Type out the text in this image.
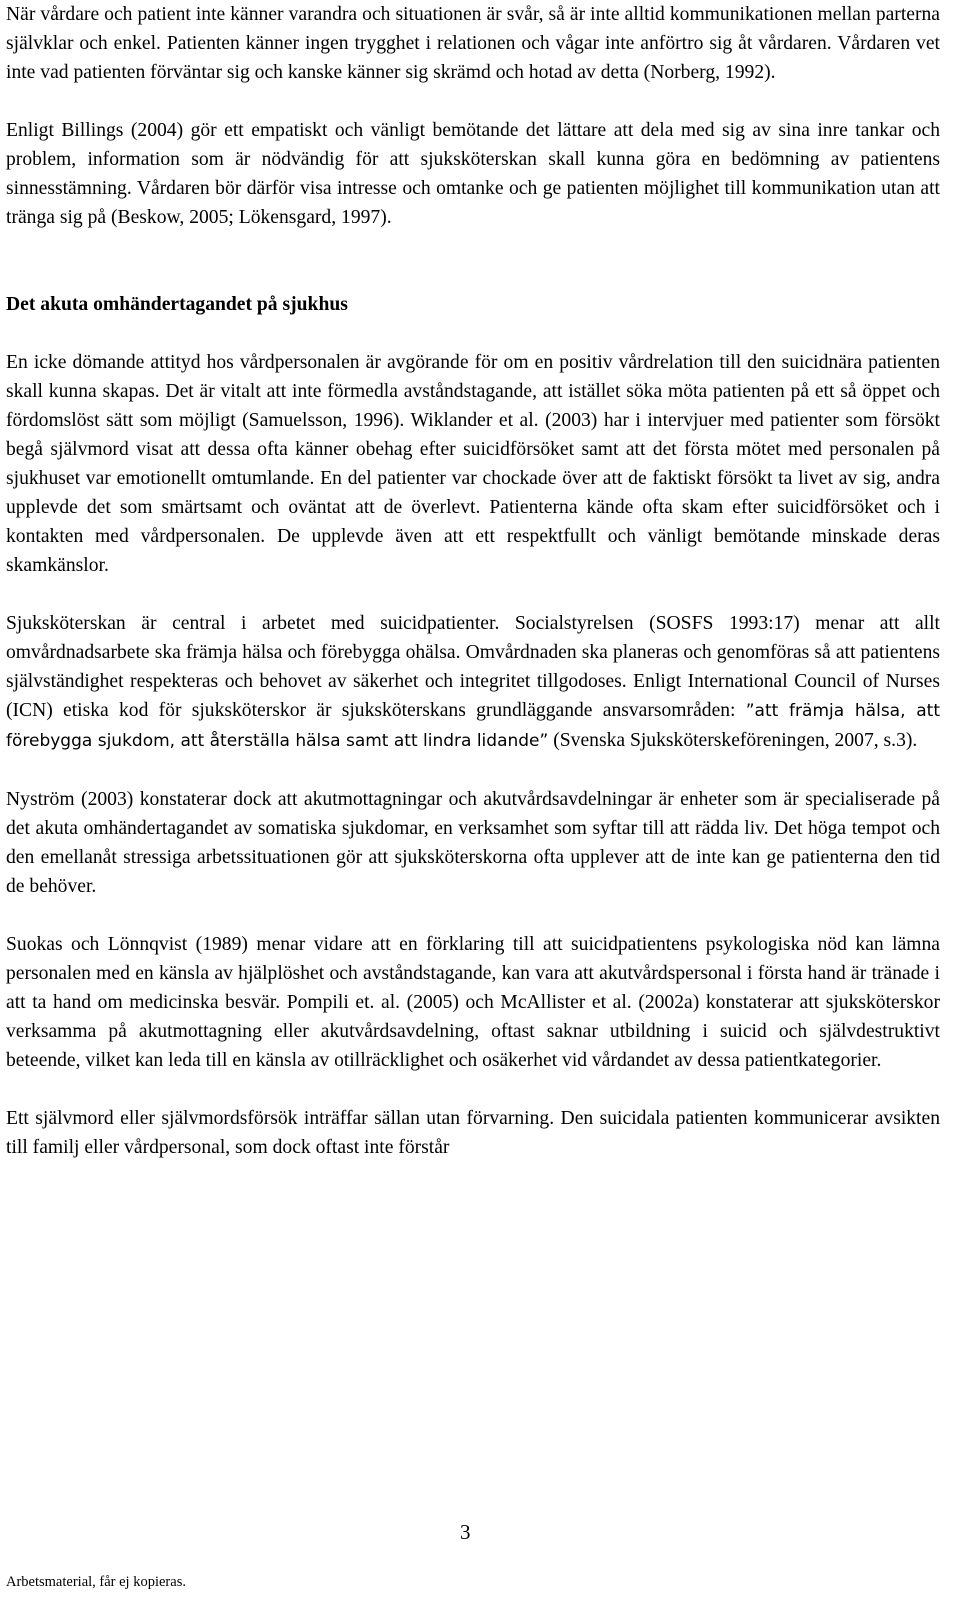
När vårdare och patient inte känner varandra och situationen är svår, så är inte alltid kommunikationen mellan parterna självklar och enkel. Patienten känner ingen trygghet i relationen och vågar inte anförtro sig åt vårdaren. Vårdaren vet inte vad patienten förväntar sig och kanske känner sig skrämd och hotad av detta (Norberg, 1992).

Enligt Billings (2004) gör ett empatiskt och vänligt bemötande det lättare att dela med sig av sina inre tankar och problem, information som är nödvändig för att sjuksköterskan skall kunna göra en bedömning av patientens sinnesstämning. Vårdaren bör därför visa intresse och omtanke och ge patienten möjlighet till kommunikation utan att tränga sig på (Beskow, 2005; Lökensgard, 1997).

Det akuta omhändertagandet på sjukhus

En icke dömande attityd hos vårdpersonalen är avgörande för om en positiv vårdrelation till den suicidnära patienten skall kunna skapas. Det är vitalt att inte förmedla avståndstagande, att istället söka möta patienten på ett så öppet och fördomslöst sätt som möjligt (Samuelsson, 1996). Wiklander et al. (2003) har i intervjuer med patienter som försökt begå självmord visat att dessa ofta känner obehag efter suicidförsöket samt att det första mötet med personalen på sjukhuset var emotionellt omtumlande. En del patienter var chockade över att de faktiskt försökt ta livet av sig, andra upplevde det som smärtsamt och oväntat att de överlevt. Patienterna kände ofta skam efter suicidförsöket och i kontakten med vårdpersonalen. De upplevde även att ett respektfullt och vänligt bemötande minskade deras skamkänslor.

Sjuksköterskan är central i arbetet med suicidpatienter. Socialstyrelsen (SOSFS 1993:17) menar att allt omvårdnadsarbete ska främja hälsa och förebygga ohälsa. Omvårdnaden ska planeras och genomföras så att patientens självständighet respekteras och behovet av säkerhet och integritet tillgodoses. Enligt International Council of Nurses (ICN) etiska kod för sjuksköterskor är sjuksköterskans grundläggande ansvarsområden: ”att främja hälsa, att förebygga sjukdom, att återställa hälsa samt att lindra lidande” (Svenska Sjuksköterskeföreningen, 2007, s.3).

Nyström (2003) konstaterar dock att akutmottagningar och akutvårdsavdelningar är enheter som är specialiserade på det akuta omhändertagandet av somatiska sjukdomar, en verksamhet som syftar till att rädda liv. Det höga tempot och den emellanåt stressiga arbetssituationen gör att sjuksköterskorna ofta upplever att de inte kan ge patienterna den tid de behöver.

Suokas och Lönnqvist (1989) menar vidare att en förklaring till att suicidpatientens psykologiska nöd kan lämna personalen med en känsla av hjälplöshet och avståndstagande, kan vara att akutvårdspersonal i första hand är tränade i att ta hand om medicinska besvär. Pompili et. al. (2005) och McAllister et al. (2002a) konstaterar att sjuksköterskor verksamma på akutmottagning eller akutvårdsavdelning, oftast saknar utbildning i suicid och självdestruktivt beteende, vilket kan leda till en känsla av otillräcklighet och osäkerhet vid vårdandet av dessa patientkategorier.

Ett självmord eller självmordsförsök inträffar sällan utan förvarning. Den suicidala patienten kommunicerar avsikten till familj eller vårdpersonal, som dock oftast inte förstår

3
Arbetsmaterial, får ej kopieras.
